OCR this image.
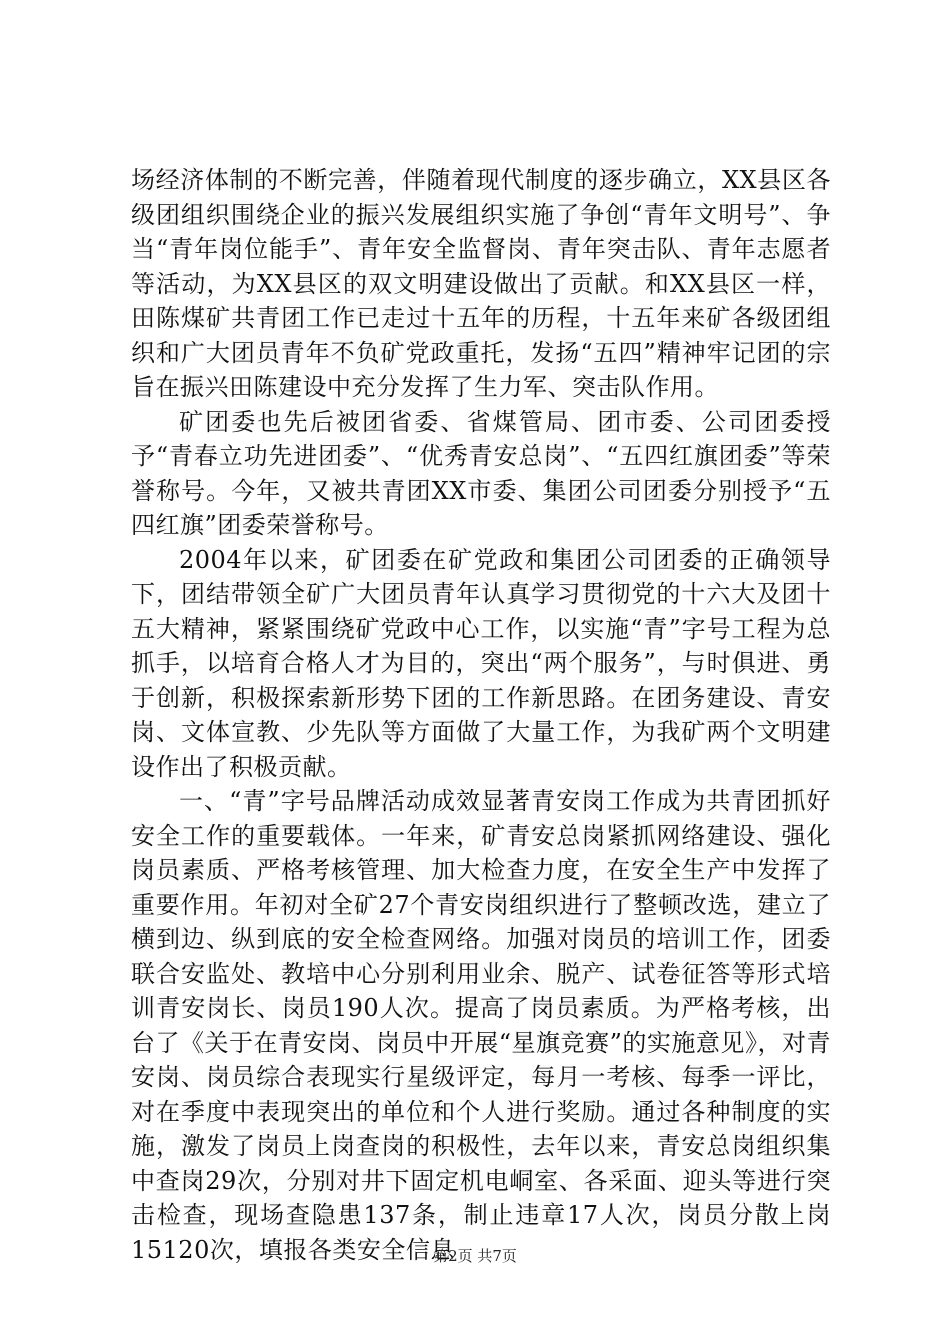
场经济体制的不断完善，伴随着现代制度的逐步确立，XX县区各级团组织围绕企业的振兴发展组织实施了争创“青年文明号”、争当“青年岗位能手”、青年安全监督岗、青年突击队、青年志愿者等活动，为XX县区的双文明建设做出了贡献。和XX县区一样，田陈煤矿共青团工作已走过十五年的历程，十五年来矿各级团组织和广大团员青年不负矿党政重托，发扬“五四”精神牢记团的宗旨在振兴田陈建设中充分发挥了生力军、突击队作用。

矿团委也先后被团省委、省煤管局、团市委、公司团委授予“青春立功先进团委”、“优秀青安总岗”、“五四红旗团委”等荣誉称号。今年，又被共青团XX市委、集团公司团委分别授予“五四红旗”团委荣誉称号。

2004年以来，矿团委在矿党政和集团公司团委的正确领导下，团结带领全矿广大团员青年认真学习贯彻党的十六大及团十五大精神，紧紧围绕矿党政中心工作，以实施“青”字号工程为总抓手，以培育合格人才为目的，突出“两个服务”，与时俱进、勇于创新，积极探索新形势下团的工作新思路。在团务建设、青安岗、文体宣教、少先队等方面做了大量工作，为我矿两个文明建设作出了积极贡献。

一、“青”字号品牌活动成效显著青安岗工作成为共青团抓好安全工作的重要载体。一年来，矿青安总岗紧抓网络建设、强化岗员素质、严格考核管理、加大检查力度，在安全生产中发挥了重要作用。年初对全矿27个青安岗组织进行了整顿改选，建立了横到边、纵到底的安全检查网络。加强对岗员的培训工作，团委联合安监处、教培中心分别利用业余、脱产、试卷征答等形式培训青安岗长、岗员190人次。提高了岗员素质。为严格考核，出台了《关于在青安岗、岗员中开展“星旗竞赛”的实施意见》，对青安岗、岗员综合表现实行星级评定，每月一考核、每季一评比，对在季度中表现突出的单位和个人进行奖励。通过各种制度的实施，激发了岗员上岗查岗的积极性，去年以来，青安总岗组织集中查岗29次，分别对井下固定机电峒室、各采面、迎头等进行突击检查，现场查隐患137条，制止违章17人次，岗员分散上岗15120次，填报各类安全信息

第2页 共7页
